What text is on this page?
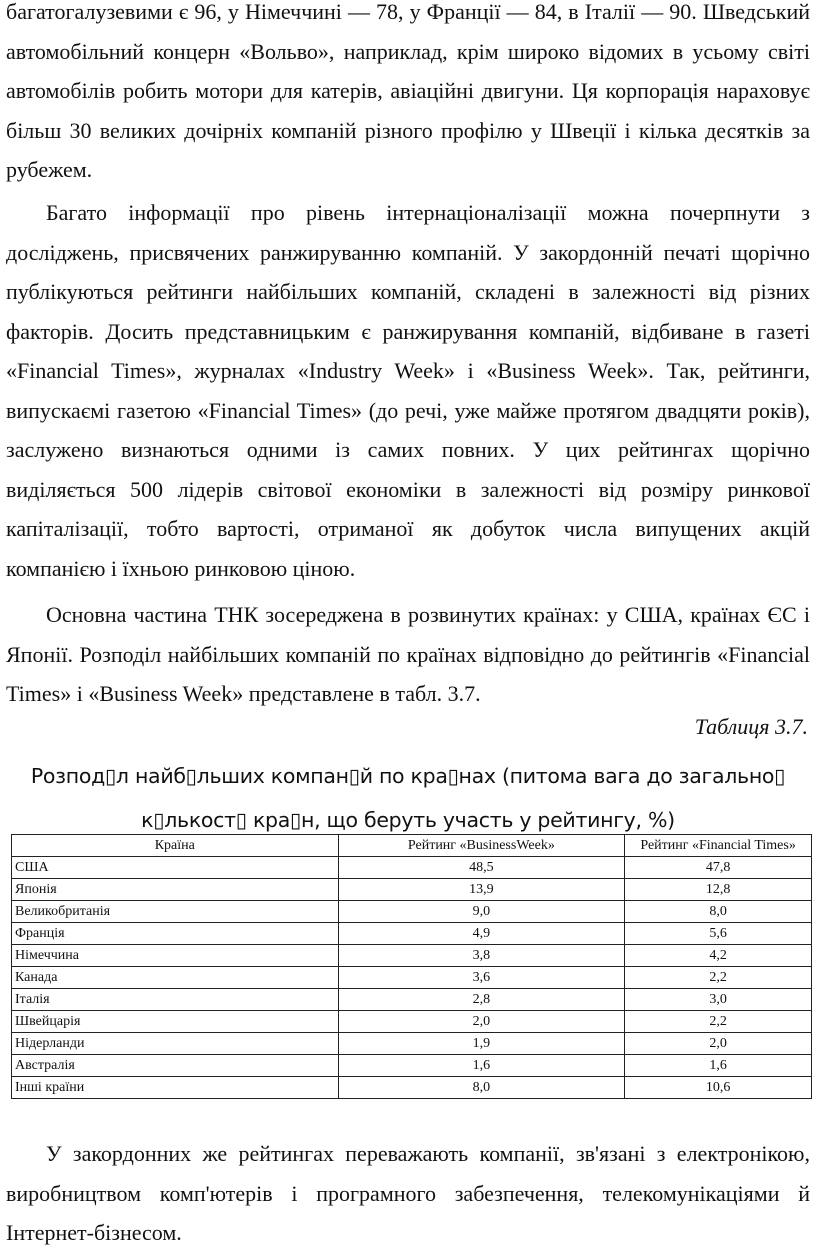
багатогалузевими є 96, у Німеччині — 78, у Франції — 84, в Італії — 90. Шведський автомобільний концерн «Вольво», наприклад, крім широко відомих в усьому світі автомобілів робить мотори для катерів, авіаційні двигуни. Ця корпорація нараховує більш 30 великих дочірніх компаній різного профілю у Швеції і кілька десятків за рубежем.

Багато інформації про рівень інтернаціоналізації можна почерпнути з досліджень, присвячених ранжируванню компаній. У закордонній печаті щорічно публікуються рейтинги найбільших компаній, складені в залежності від різних факторів. Досить представницьким є ранжирування компаній, відбиване в газеті «Financial Times», журналах «Industry Week» і «Business Week». Так, рейтинги, випускаємі газетою «Financial Times» (до речі, уже майже протягом двадцяти років), заслужено визнаються одними із самих повних. У цих рейтингах щорічно виділяється 500 лідерів світової економіки в залежності від розміру ринкової капіталізації, тобто вартості, отриманої як добуток числа випущених акцій компанією і їхньою ринковою ціною.

Основна частина ТНК зосереджена в розвинутих країнах: у США, країнах ЄС і Японії. Розподіл найбільших компаній по країнах відповідно до рейтингів «Financial Times» і «Business Week» представлене в табл. 3.7.

Таблиця 3.7.
Розпод▯л найб▯льших компан▯й по кра▯нах (питома вага до загально▯
к▯лькост▯ кра▯н, що беруть участь у рейтингу, %)
Країна	Рейтинг «BusinessWeek»	Рейтинг «Financial Times»
США	48,5	47,8
Японія	13,9	12,8
Великобританія	9,0	8,0
Франція	4,9	5,6
Німеччина	3,8	4,2
Канада	3,6	2,2
Італія	2,8	3,0
Швейцарія	2,0	2,2
Нідерланди	1,9	2,0
Австралія	1,6	1,6
Інші країни	8,0	10,6

У закордонних же рейтингах переважають компанії, зв'язані з електронікою, виробництвом комп'ютерів і програмного забезпечення, телекомунікаціями й Інтернет-бізнесом.
